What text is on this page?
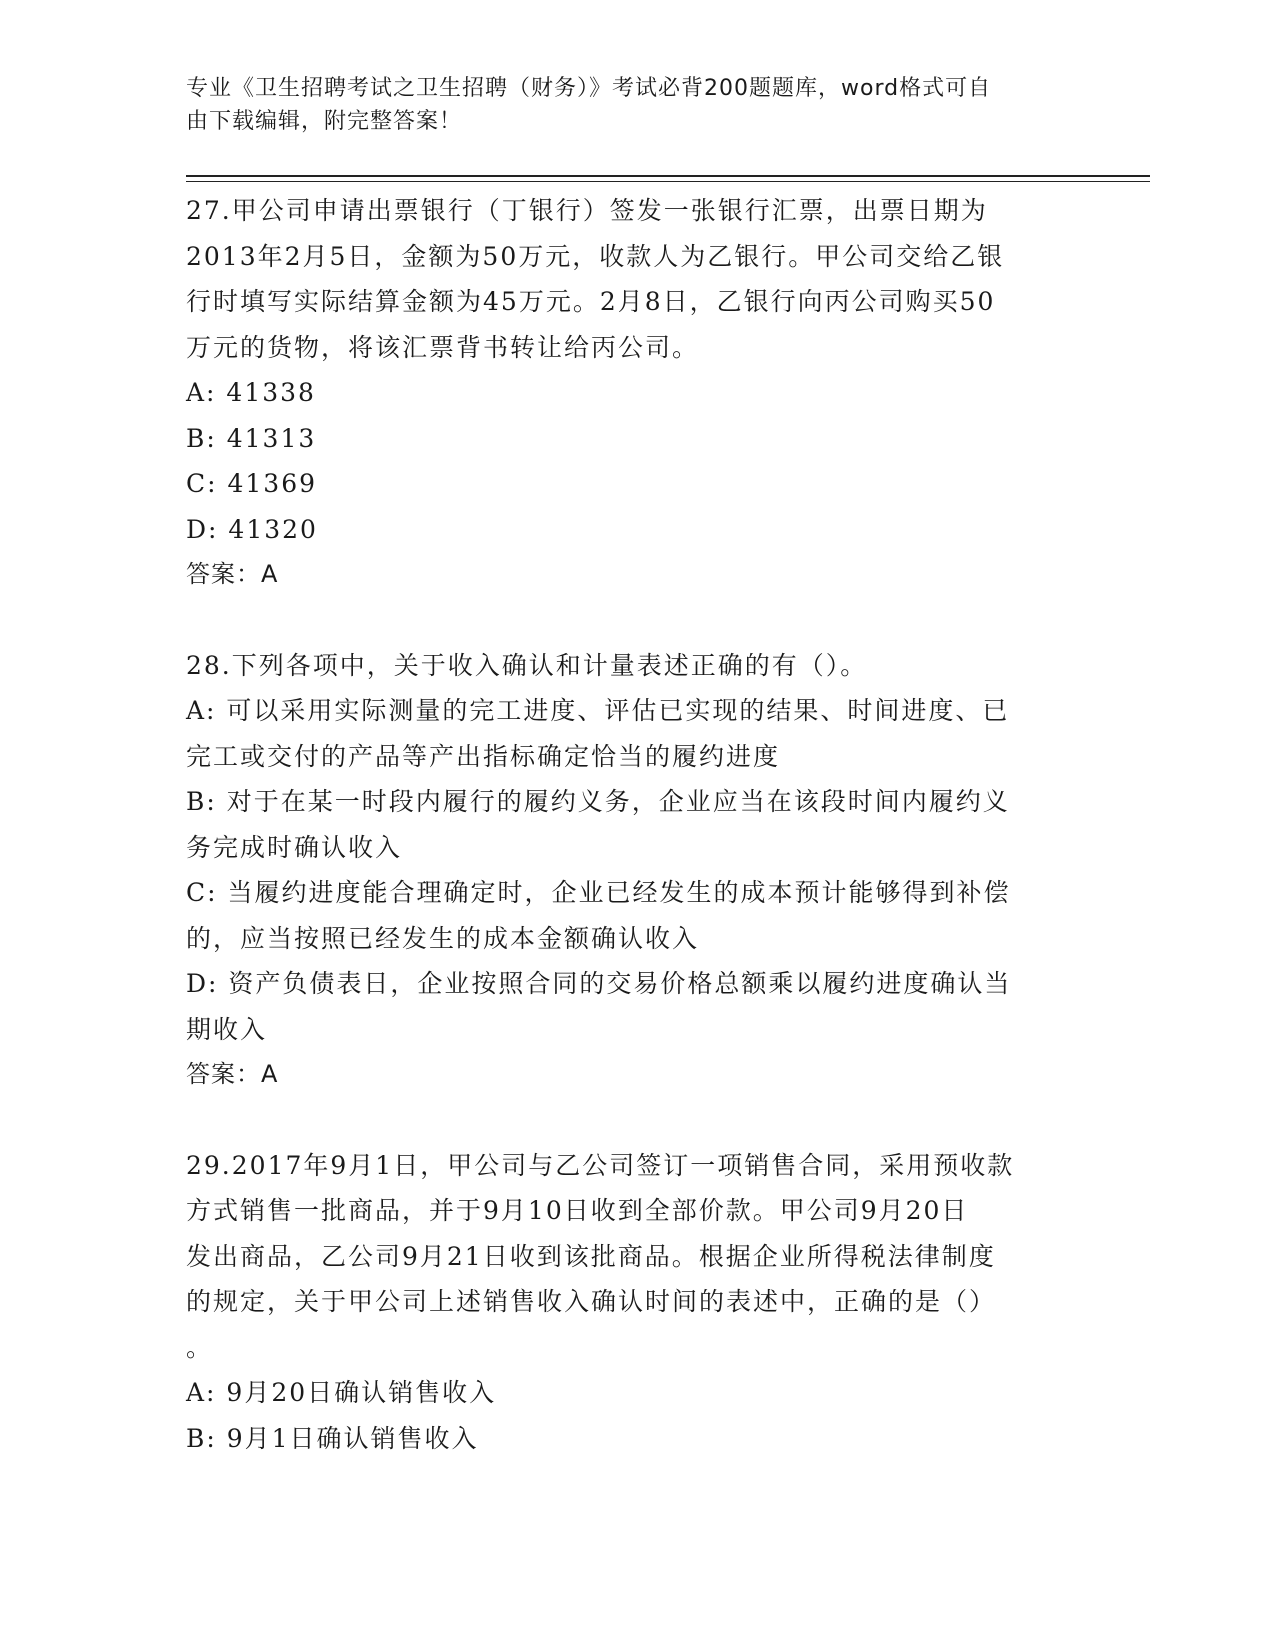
专业《卫生招聘考试之卫生招聘（财务）》考试必背200题题库，word格式可自
由下载编辑，附完整答案！
27.甲公司申请出票银行（丁银行）签发一张银行汇票，出票日期为
2013年2月5日，金额为50万元，收款人为乙银行。甲公司交给乙银
行时填写实际结算金额为45万元。2月8日，乙银行向丙公司购买50
万元的货物，将该汇票背书转让给丙公司。
A: 41338
B: 41313
C: 41369
D: 41320
答案：A
28.下列各项中，关于收入确认和计量表述正确的有（）。
A: 可以采用实际测量的完工进度、评估已实现的结果、时间进度、已
完工或交付的产品等产出指标确定恰当的履约进度
B: 对于在某一时段内履行的履约义务，企业应当在该段时间内履约义
务完成时确认收入
C: 当履约进度能合理确定时，企业已经发生的成本预计能够得到补偿
的，应当按照已经发生的成本金额确认收入
D: 资产负债表日，企业按照合同的交易价格总额乘以履约进度确认当
期收入
答案：A
29.2017年9月1日，甲公司与乙公司签订一项销售合同，采用预收款
方式销售一批商品，并于9月10日收到全部价款。甲公司9月20日
发出商品，乙公司9月21日收到该批商品。根据企业所得税法律制度
的规定，关于甲公司上述销售收入确认时间的表述中，正确的是（）
。
A: 9月20日确认销售收入
B: 9月1日确认销售收入
